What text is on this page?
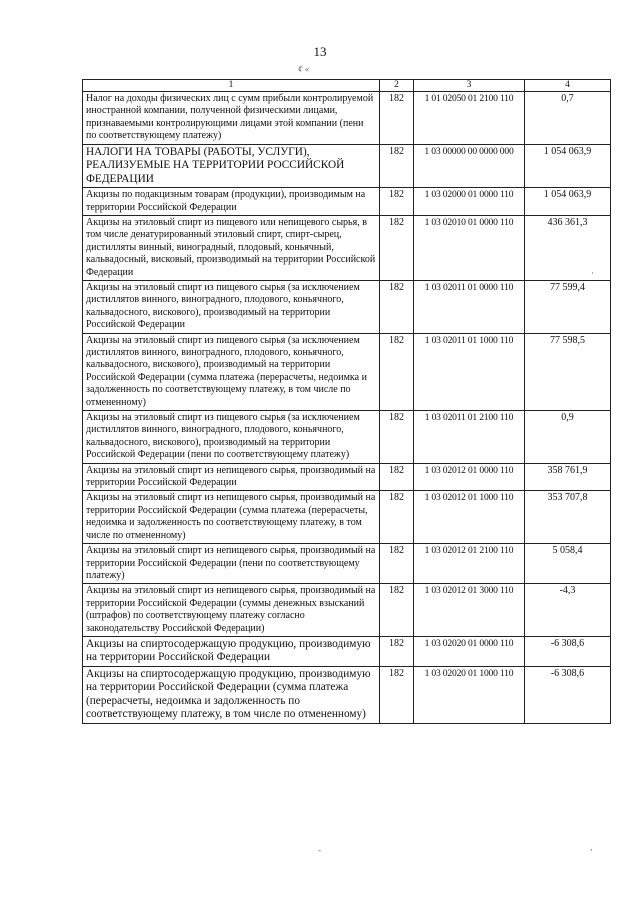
13
¢ «
1	2	3	4
Налог на доходы физических лиц с сумм прибыли контролируемой иностранной компании, полученной физическими лицами, признаваемыми контролирующими лицами этой компании (пени по соответствующему платежу)	182	1 01 02050 01 2100 110	0,7
НАЛОГИ НА ТОВАРЫ (РАБОТЫ, УСЛУГИ), РЕАЛИЗУЕМЫЕ НА ТЕРРИТОРИИ РОССИЙСКОЙ ФЕДЕРАЦИИ	182	1 03 00000 00 0000 000	1 054 063,9
Акцизы по подакцизным товарам (продукции), производимым на территории Российской Федерации	182	1 03 02000 01 0000 110	1 054 063,9
Акцизы на этиловый спирт из пищевого или непищевого сырья, в том числе денатурированный этиловый спирт, спирт-сырец, дистилляты винный, виноградный, плодовый, коньячный, кальвадосный, висковый, производимый на территории Российской Федерации	182	1 03 02010 01 0000 110	436 361,3
Акцизы на этиловый спирт из пищевого сырья (за исключением дистиллятов винного, виноградного, плодового, коньячного, кальвадосного, вискового), производимый на территории Российской Федерации	182	1 03 02011 01 0000 110	77 599,4
Акцизы на этиловый спирт из пищевого сырья (за исключением дистиллятов винного, виноградного, плодового, коньячного, кальвадосного, вискового), производимый на территории Российской Федерации (сумма платежа (перерасчеты, недоимка и задолженность по соответствующему платежу, в том числе по отмененному)	182	1 03 02011 01 1000 110	77 598,5
Акцизы на этиловый спирт из пищевого сырья (за исключением дистиллятов винного, виноградного, плодового, коньячного, кальвадосного, вискового), производимый на территории Российской Федерации (пени по соответствующему платежу)	182	1 03 02011 01 2100 110	0,9
Акцизы на этиловый спирт из непищевого сырья, производимый на территории Российской Федерации	182	1 03 02012 01 0000 110	358 761,9
Акцизы на этиловый спирт из непищевого сырья, производимый на территории Российской Федерации (сумма платежа (перерасчеты, недоимка и задолженность по соответствующему платежу, в том числе по отмененному)	182	1 03 02012 01 1000 110	353 707,8
Акцизы на этиловый спирт из непищевого сырья, производимый на территории Российской Федерации (пени по соответствующему платежу)	182	1 03 02012 01 2100 110	5 058,4
Акцизы на этиловый спирт из непищевого сырья, производимый на территории Российской Федерации (суммы денежных взысканий (штрафов) по соответствующему платежу согласно законодательству Российской Федерации)	182	1 03 02012 01 3000 110	-4,3
Акцизы на спиртосодержащую продукцию, производимую на территории Российской Федерации	182	1 03 02020 01 0000 110	-6 308,6
Акцизы на спиртосодержащую продукцию, производимую на территории Российской Федерации (сумма платежа (перерасчеты, недоимка и задолженность по соответствующему платежу, в том числе по отмененному)	182	1 03 02020 01 1000 110	-6 308,6
·
-	,
